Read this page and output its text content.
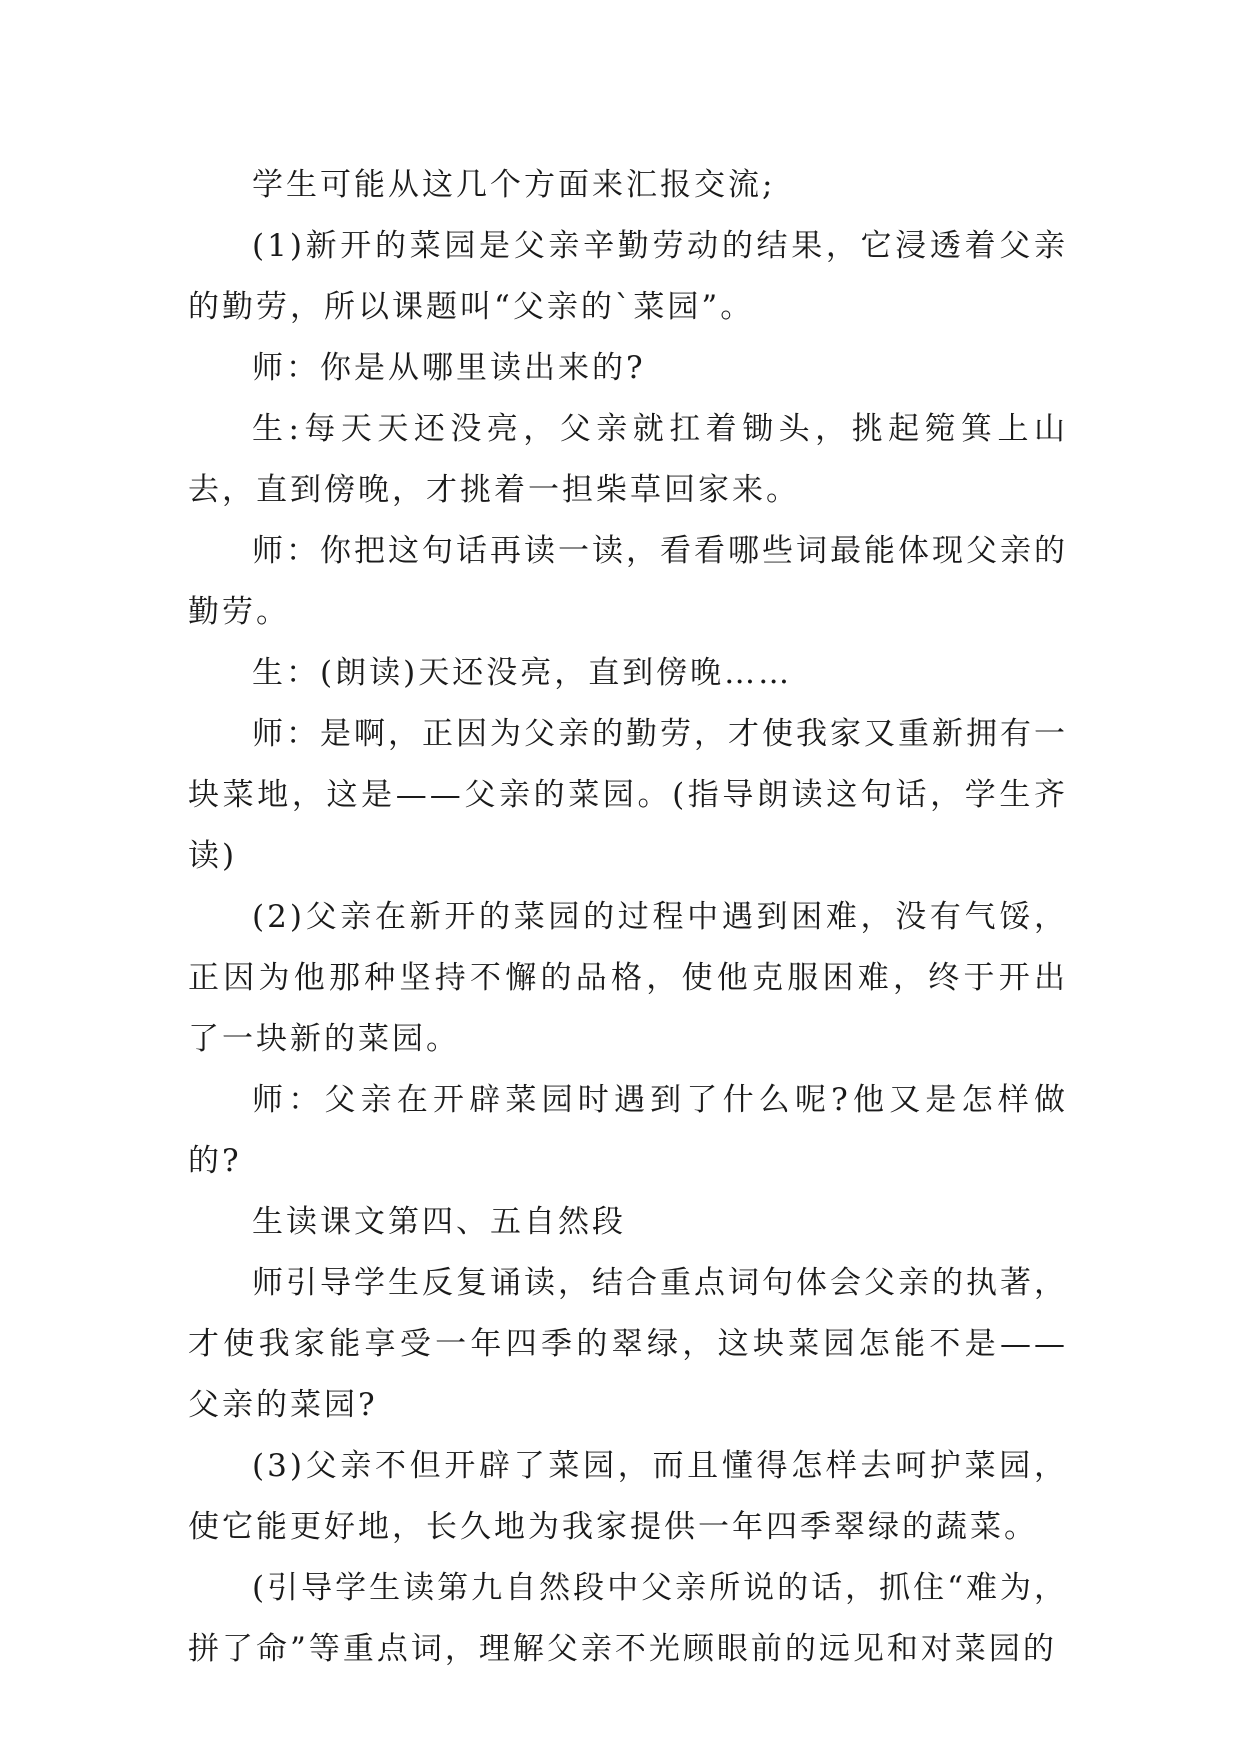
学生可能从这几个方面来汇报交流;

(1)新开的菜园是父亲辛勤劳动的结果，它浸透着父亲的勤劳，所以课题叫“父亲的`菜园”。

师：你是从哪里读出来的?

生:每天天还没亮，父亲就扛着锄头，挑起箢箕上山去，直到傍晚，才挑着一担柴草回家来。

师：你把这句话再读一读，看看哪些词最能体现父亲的勤劳。

生：(朗读)天还没亮，直到傍晚……

师：是啊，正因为父亲的勤劳，才使我家又重新拥有一块菜地，这是——父亲的菜园。(指导朗读这句话，学生齐读)

(2)父亲在新开的菜园的过程中遇到困难，没有气馁，正因为他那种坚持不懈的品格，使他克服困难，终于开出了一块新的菜园。

师：父亲在开辟菜园时遇到了什么呢?他又是怎样做的?

生读课文第四、五自然段

师引导学生反复诵读，结合重点词句体会父亲的执著，才使我家能享受一年四季的翠绿，这块菜园怎能不是——父亲的菜园?

(3)父亲不但开辟了菜园，而且懂得怎样去呵护菜园，使它能更好地，长久地为我家提供一年四季翠绿的蔬菜。

(引导学生读第九自然段中父亲所说的话，抓住“难为，拼了命”等重点词，理解父亲不光顾眼前的远见和对菜园的
